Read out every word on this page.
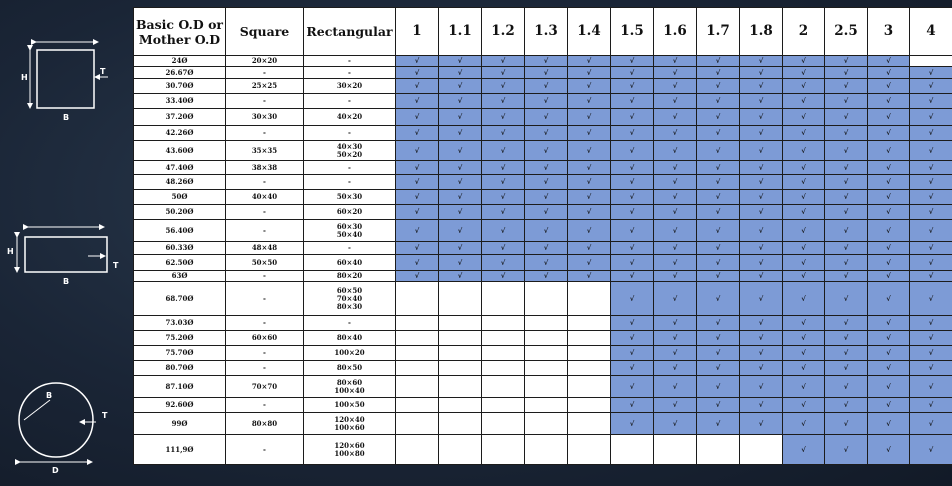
H
T
B
H
T
B
B
T
D
Basic O.D or Mother O.D	Square	Rectangular	1	1.1	1.2	1.3	1.4	1.5	1.6	1.7	1.8	2	2.5	3	4
24Ø	20×20	-	√	√	√	√	√	√	√	√	√	√	√	√	
26.67Ø	-	-	√	√	√	√	√	√	√	√	√	√	√	√	√
30.70Ø	25×25	30×20	√	√	√	√	√	√	√	√	√	√	√	√	√
33.40Ø	-	-	√	√	√	√	√	√	√	√	√	√	√	√	√
37.20Ø	30×30	40×20	√	√	√	√	√	√	√	√	√	√	√	√	√
42.26Ø	-	-	√	√	√	√	√	√	√	√	√	√	√	√	√
43.60Ø	35×35	40×30
50×20	√	√	√	√	√	√	√	√	√	√	√	√	√
47.40Ø	38×38	-	√	√	√	√	√	√	√	√	√	√	√	√	√
48.26Ø	-	-	√	√	√	√	√	√	√	√	√	√	√	√	√
50Ø	40×40	50×30	√	√	√	√	√	√	√	√	√	√	√	√	√
50.20Ø	-	60×20	√	√	√	√	√	√	√	√	√	√	√	√	√
56.40Ø	-	60×30
50×40	√	√	√	√	√	√	√	√	√	√	√	√	√
60.33Ø	48×48	-	√	√	√	√	√	√	√	√	√	√	√	√	√
62.50Ø	50×50	60×40	√	√	√	√	√	√	√	√	√	√	√	√	√
63Ø	-	80×20	√	√	√	√	√	√	√	√	√	√	√	√	√
68.70Ø	-	60×50
70×40
80×30						√	√	√	√	√	√	√	√
73.03Ø	-	-						√	√	√	√	√	√	√	√
75.20Ø	60×60	80×40						√	√	√	√	√	√	√	√
75.70Ø	-	100×20						√	√	√	√	√	√	√	√
80.70Ø	-	80×50						√	√	√	√	√	√	√	√
87.10Ø	70×70	80×60
100×40						√	√	√	√	√	√	√	√
92.60Ø	-	100×50						√	√	√	√	√	√	√	√
99Ø	80×80	120×40
100×60						√	√	√	√	√	√	√	√
111,9Ø	-	120×60
100×80										√	√	√	√
